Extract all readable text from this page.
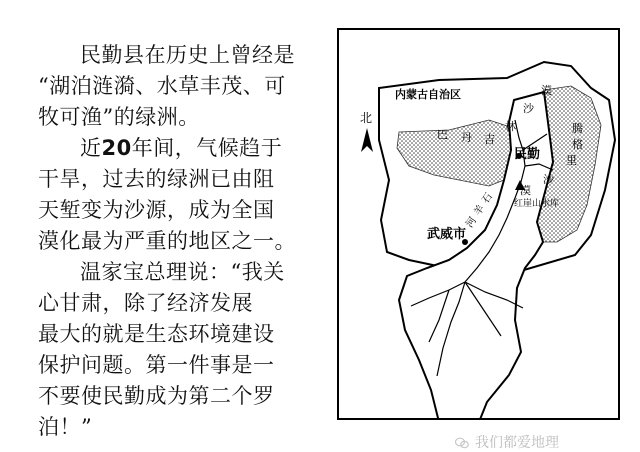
民勤县在历史上曾经是
“湖泊涟漪、水草丰茂、可
牧可渔”的绿洲。

近20年间，气候趋于
干旱，过去的绿洲已由阻
天堑变为沙源，成为全国
漠化最为严重的地区之一。

温家宝总理说：“我关
心甘肃，除了经济发展
最大的就是生态环境建设
保护问题。第一件事是一
不要使民勤成为第二个罗
泊！”

内蒙古自治区
北
巴 丹 吉
林
沙
漠
腾
格
里
沙
漠
民勤
红崖山水库
武威市
石
羊
河
我们都爱地理
